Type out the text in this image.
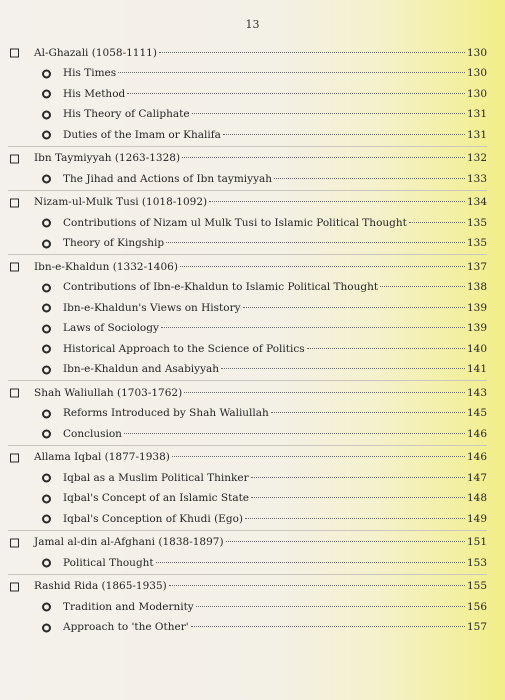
13
Al-Ghazali (1058-1111)	130
His Times	130
His Method	130
His Theory of Caliphate	131
Duties of the Imam or Khalifa	131
Ibn Taymiyyah (1263-1328)	132
The Jihad and Actions of Ibn taymiyyah	133
Nizam-ul-Mulk Tusi (1018-1092)	134
Contributions of Nizam ul Mulk Tusi to Islamic Political Thought	135
Theory of Kingship	135
Ibn-e-Khaldun (1332-1406)	137
Contributions of Ibn-e-Khaldun to Islamic Political Thought	138
Ibn-e-Khaldun's Views on History	139
Laws of Sociology	139
Historical Approach to the Science of Politics	140
Ibn-e-Khaldun and Asabiyyah	141
Shah Waliullah (1703-1762)	143
Reforms Introduced by Shah Waliullah	145
Conclusion	146
Allama Iqbal (1877-1938)	146
Iqbal as a Muslim Political Thinker	147
Iqbal's Concept of an Islamic State	148
Iqbal's Conception of Khudi (Ego)	149
Jamal al-din al-Afghani (1838-1897)	151
Political Thought	153
Rashid Rida (1865-1935)	155
Tradition and Modernity	156
Approach to 'the Other'	157
